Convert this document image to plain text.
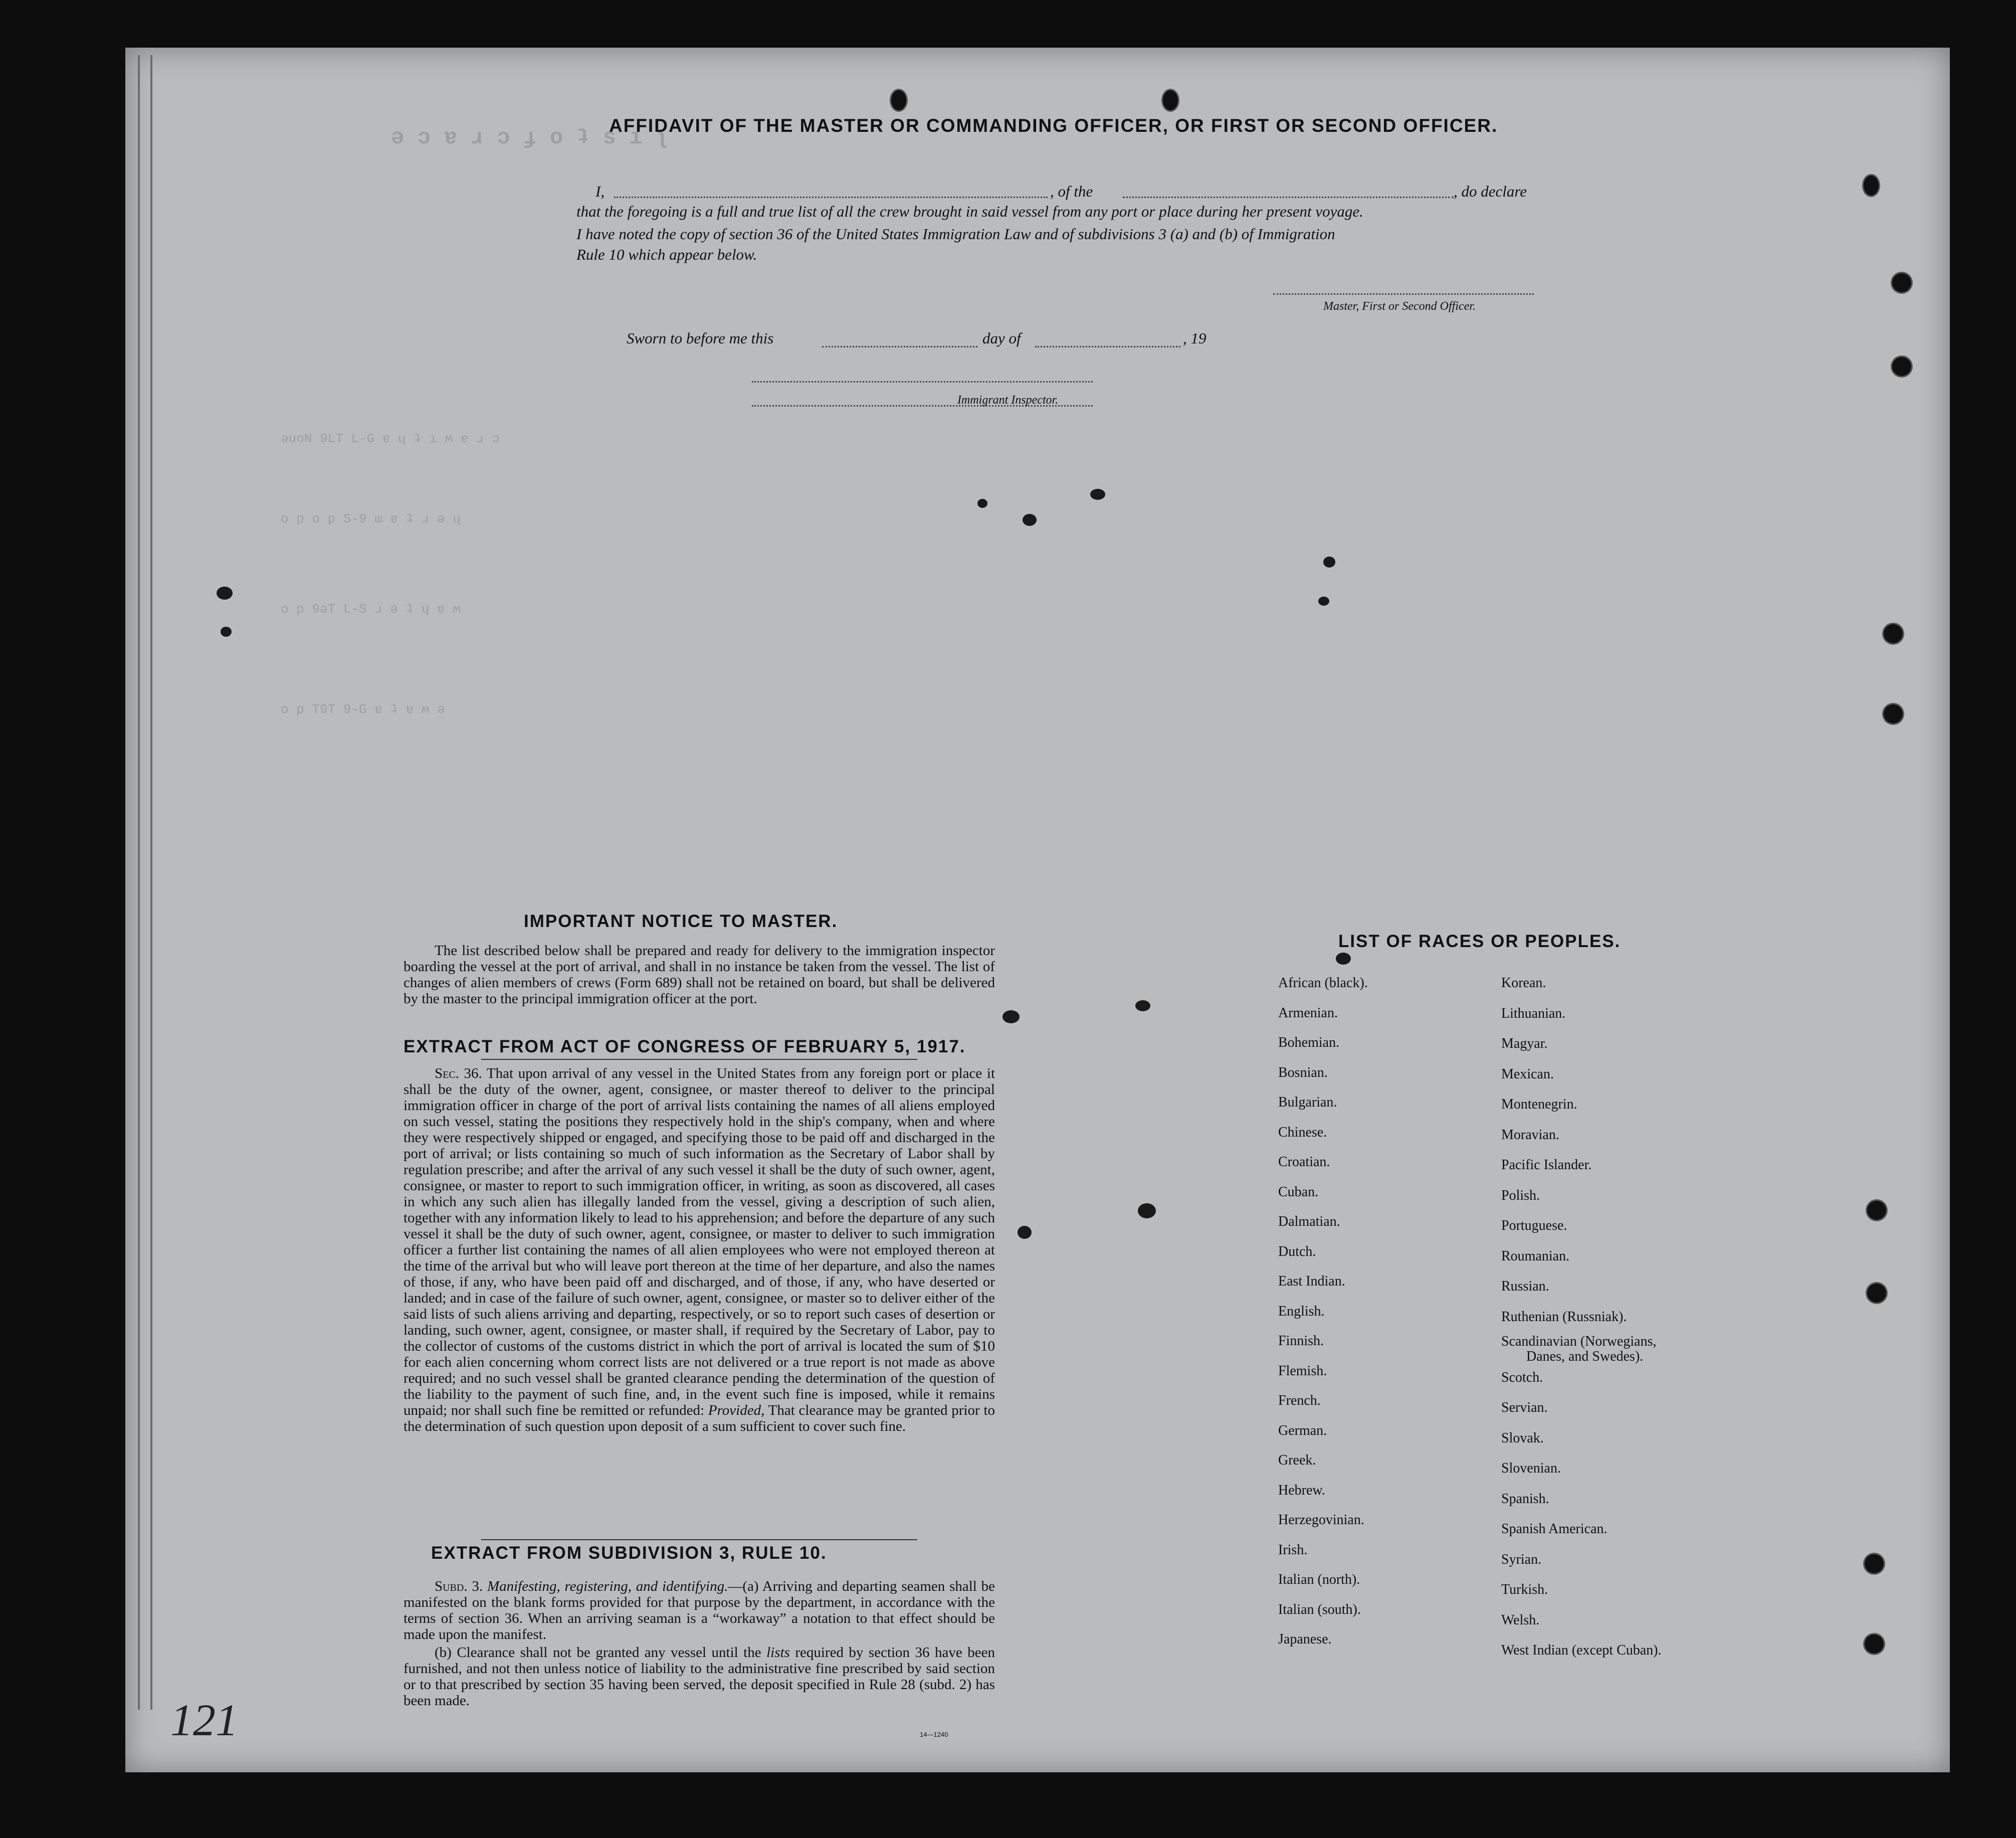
ǝ ɔ ɐ ɹ ɔ ɟ o ʇ s ı ʅ
ǝuoN 9LT L-G ɐ ɥ ʇ ı ʍ ɐ ɹ ɔ
o p o p S-9 ɯ ɐ ʇ ɹ ǝ ɥ
o p 9ǝT L-S ɹ ǝ ʇ ɥ ɐ ʍ
o p T9T 9-G ɐ ʇ ɐ ʍ ǝ
AFFIDAVIT OF THE MASTER OR COMMANDING OFFICER, OR FIRST OR SECOND OFFICER.
I,	, of the	, do declare
that the foregoing is a full and true list of all the crew brought in said vessel from any port or place during her present voyage.
I have noted the copy of section 36 of the United States Immigration Law and of subdivisions 3 (a) and (b) of Immigration
Rule 10 which appear below.
Master, First or Second Officer.
Sworn to before me this	day of	, 19
Immigrant Inspector.
IMPORTANT NOTICE TO MASTER.
The list described below shall be prepared and ready for delivery to the immigration inspector boarding the vessel at the port of arrival, and shall in no instance be taken from the vessel. The list of changes of alien members of crews (Form 689) shall not be retained on board, but shall be delivered by the master to the principal immigration officer at the port.
EXTRACT FROM ACT OF CONGRESS OF FEBRUARY 5, 1917.
Sec. 36. That upon arrival of any vessel in the United States from any foreign port or place it shall be the duty of the owner, agent, consignee, or master thereof to deliver to the principal immigration officer in charge of the port of arrival lists containing the names of all aliens employed on such vessel, stating the positions they respectively hold in the ship's company, when and where they were respectively shipped or engaged, and specifying those to be paid off and discharged in the port of arrival; or lists containing so much of such information as the Secretary of Labor shall by regulation prescribe; and after the arrival of any such vessel it shall be the duty of such owner, agent, consignee, or master to report to such immigration officer, in writing, as soon as discovered, all cases in which any such alien has illegally landed from the vessel, giving a description of such alien, together with any information likely to lead to his apprehension; and before the departure of any such vessel it shall be the duty of such owner, agent, consignee, or master to deliver to such immigration officer a further list containing the names of all alien employees who were not employed thereon at the time of the arrival but who will leave port thereon at the time of her departure, and also the names of those, if any, who have been paid off and discharged, and of those, if any, who have deserted or landed; and in case of the failure of such owner, agent, consignee, or master so to deliver either of the said lists of such aliens arriving and departing, respectively, or so to report such cases of desertion or landing, such owner, agent, consignee, or master shall, if required by the Secretary of Labor, pay to the collector of customs of the customs district in which the port of arrival is located the sum of $10 for each alien concerning whom correct lists are not delivered or a true report is not made as above required; and no such vessel shall be granted clearance pending the determination of the question of the liability to the payment of such fine, and, in the event such fine is imposed, while it remains unpaid; nor shall such fine be remitted or refunded: Provided, That clearance may be granted prior to the determination of such question upon deposit of a sum sufficient to cover such fine.
EXTRACT FROM SUBDIVISION 3, RULE 10.

Subd. 3. Manifesting, registering, and identifying.—(a) Arriving and departing seamen shall be manifested on the blank forms provided for that purpose by the department, in accordance with the terms of section 36. When an arriving seaman is a “workaway” a notation to that effect should be made upon the manifest.

(b) Clearance shall not be granted any vessel until the lists required by section 36 have been furnished, and not then unless notice of liability to the administrative fine prescribed by said section or to that prescribed by section 35 having been served, the deposit specified in Rule 28 (subd. 2) has been made.

14—1240
LIST OF RACES OR PEOPLES.
African (black).
Armenian.
Bohemian.
Bosnian.
Bulgarian.
Chinese.
Croatian.
Cuban.
Dalmatian.
Dutch.
East Indian.
English.
Finnish.
Flemish.
French.
German.
Greek.
Hebrew.
Herzegovinian.
Irish.
Italian (north).
Italian (south).
Japanese.
Korean.
Lithuanian.
Magyar.
Mexican.
Montenegrin.
Moravian.
Pacific Islander.
Polish.
Portuguese.
Roumanian.
Russian.
Ruthenian (Russniak).
Scandinavian (Norwegians,
Danes, and Swedes).
Scotch.
Servian.
Slovak.
Slovenian.
Spanish.
Spanish American.
Syrian.
Turkish.
Welsh.
West Indian (except Cuban).
121
